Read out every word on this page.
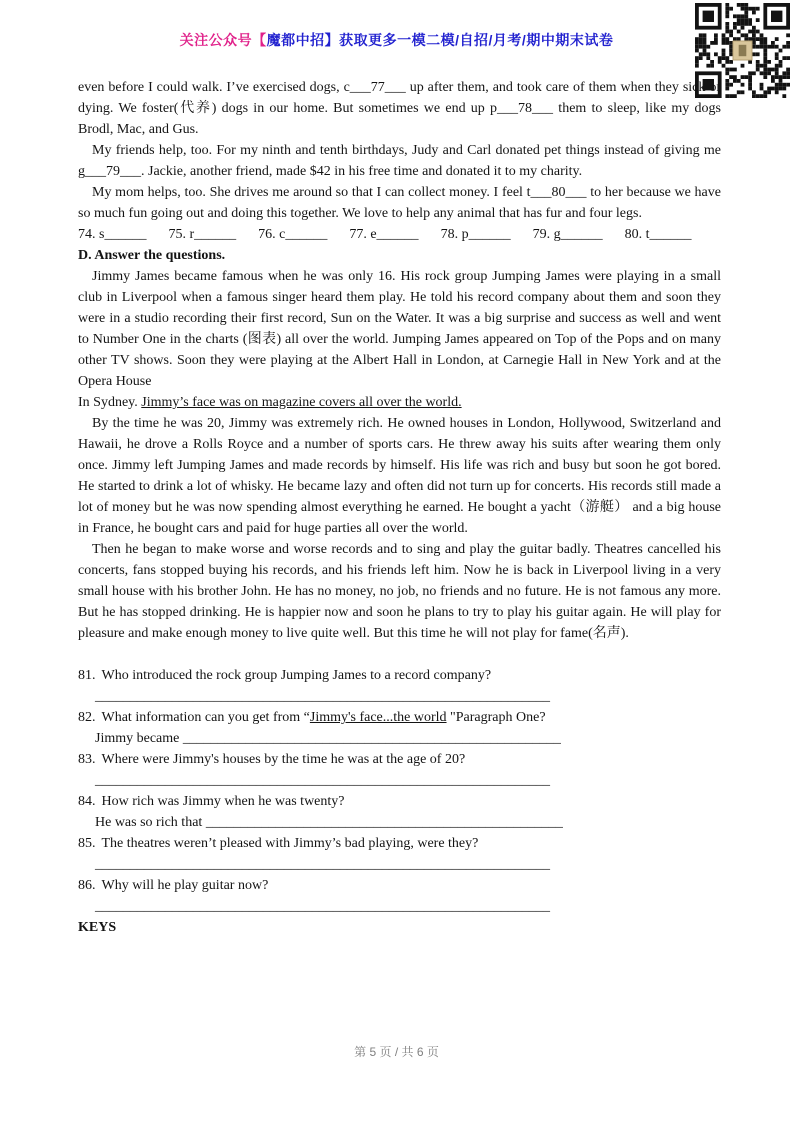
关注公众号【魔都中招】获取更多一模二模/自招/月考/期中期末试卷

even before I could walk. I’ve exercised dogs, c___77___ up after them, and took care of them when they sick or dying. We foster(代养) dogs in our home. But sometimes we end up p___78___ them to sleep, like my dogs Brodl, Mac, and Gus.

My friends help, too. For my ninth and tenth birthdays, Judy and Carl donated pet things instead of giving me g___79___. Jackie, another friend, made $42 in his free time and donated it to my charity.

My mom helps, too. She drives me around so that I can collect money. I feel t___80___ to her because we have so much fun going out and doing this together. We love to help any animal that has fur and four legs.

74. s______ 75. r______ 76. c______ 77. e______ 78. p______ 79. g______ 80. t______

D. Answer the questions.

Jimmy James became famous when he was only 16. His rock group Jumping James were playing in a small club in Liverpool when a famous singer heard them play. He told his record company about them and soon they were in a studio recording their first record, Sun on the Water. It was a big surprise and success as well and went to Number One in the charts (图表) all over the world. Jumping James appeared on Top of the Pops and on many other TV shows. Soon they were playing at the Albert Hall in London, at Carnegie Hall in New York and at the Opera House

In Sydney. Jimmy’s face was on magazine covers all over the world.

By the time he was 20, Jimmy was extremely rich. He owned houses in London, Hollywood, Switzerland and Hawaii, he drove a Rolls Royce and a number of sports cars. He threw away his suits after wearing them only once. Jimmy left Jumping James and made records by himself. His life was rich and busy but soon he got bored. He started to drink a lot of whisky. He became lazy and often did not turn up for concerts. His records still made a lot of money but he was now spending almost everything he earned. He bought a yacht（游艇） and a big house in France, he bought cars and paid for huge parties all over the world.

Then he began to make worse and worse records and to sing and play the guitar badly. Theatres cancelled his concerts, fans stopped buying his records, and his friends left him. Now he is back in Liverpool living in a very small house with his brother John. He has no money, no job, no friends and no future. He is not famous any more. But he has stopped drinking. He is happier now and soon he plans to try to play his guitar again. He will play for pleasure and make enough money to live quite well. But this time he will not play for fame(名声).

81. Who introduced the rock group Jumping James to a record company?
_________________________________________________________________
82. What information can you get from “Jimmy's face...the world "Paragraph One?
Jimmy became ______________________________________________________
83. Where were Jimmy's houses by the time he was at the age of 20?
_________________________________________________________________
84. How rich was Jimmy when he was twenty?
He was so rich that ___________________________________________________
85. The theatres weren’t pleased with Jimmy’s bad playing, were they?
_________________________________________________________________
86. Why will he play guitar now?
_________________________________________________________________

KEYS

第 5 页 / 共 6 页
